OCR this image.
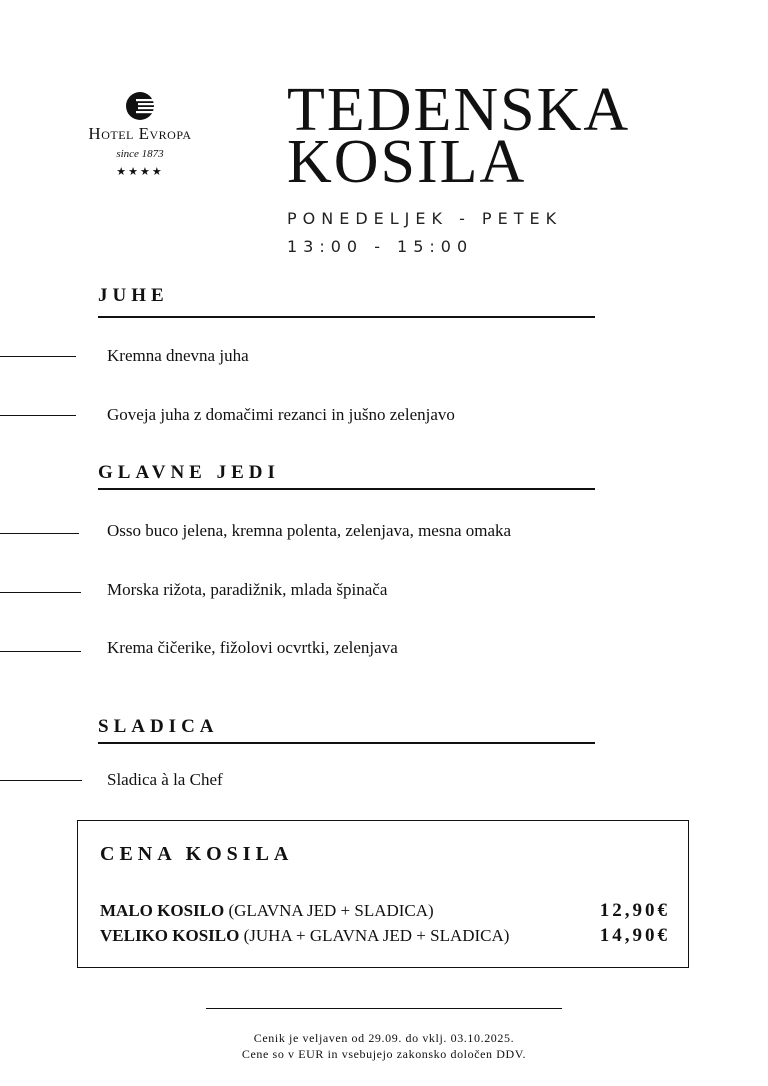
Hotel Evropa
since 1873
★★★★
TEDENSKA
KOSILA
PONEDELJEK - PETEK
13:00 - 15:00
JUHE
Kremna dnevna juha
Goveja juha z domačimi rezanci in jušno zelenjavo
GLAVNE JEDI
Osso buco jelena, kremna polenta, zelenjava, mesna omaka
Morska rižota, paradižnik, mlada špinača
Krema čičerike, fižolovi ocvrtki, zelenjava
SLADICA
Sladica à la Chef
CENA KOSILA
MALO KOSILO (GLAVNA JED + SLADICA)	12,90€
VELIKO KOSILO (JUHA + GLAVNA JED + SLADICA)	14,90€
Cenik je veljaven od 29.09. do vklj. 03.10.2025.
Cene so v EUR in vsebujejo zakonsko določen DDV.
